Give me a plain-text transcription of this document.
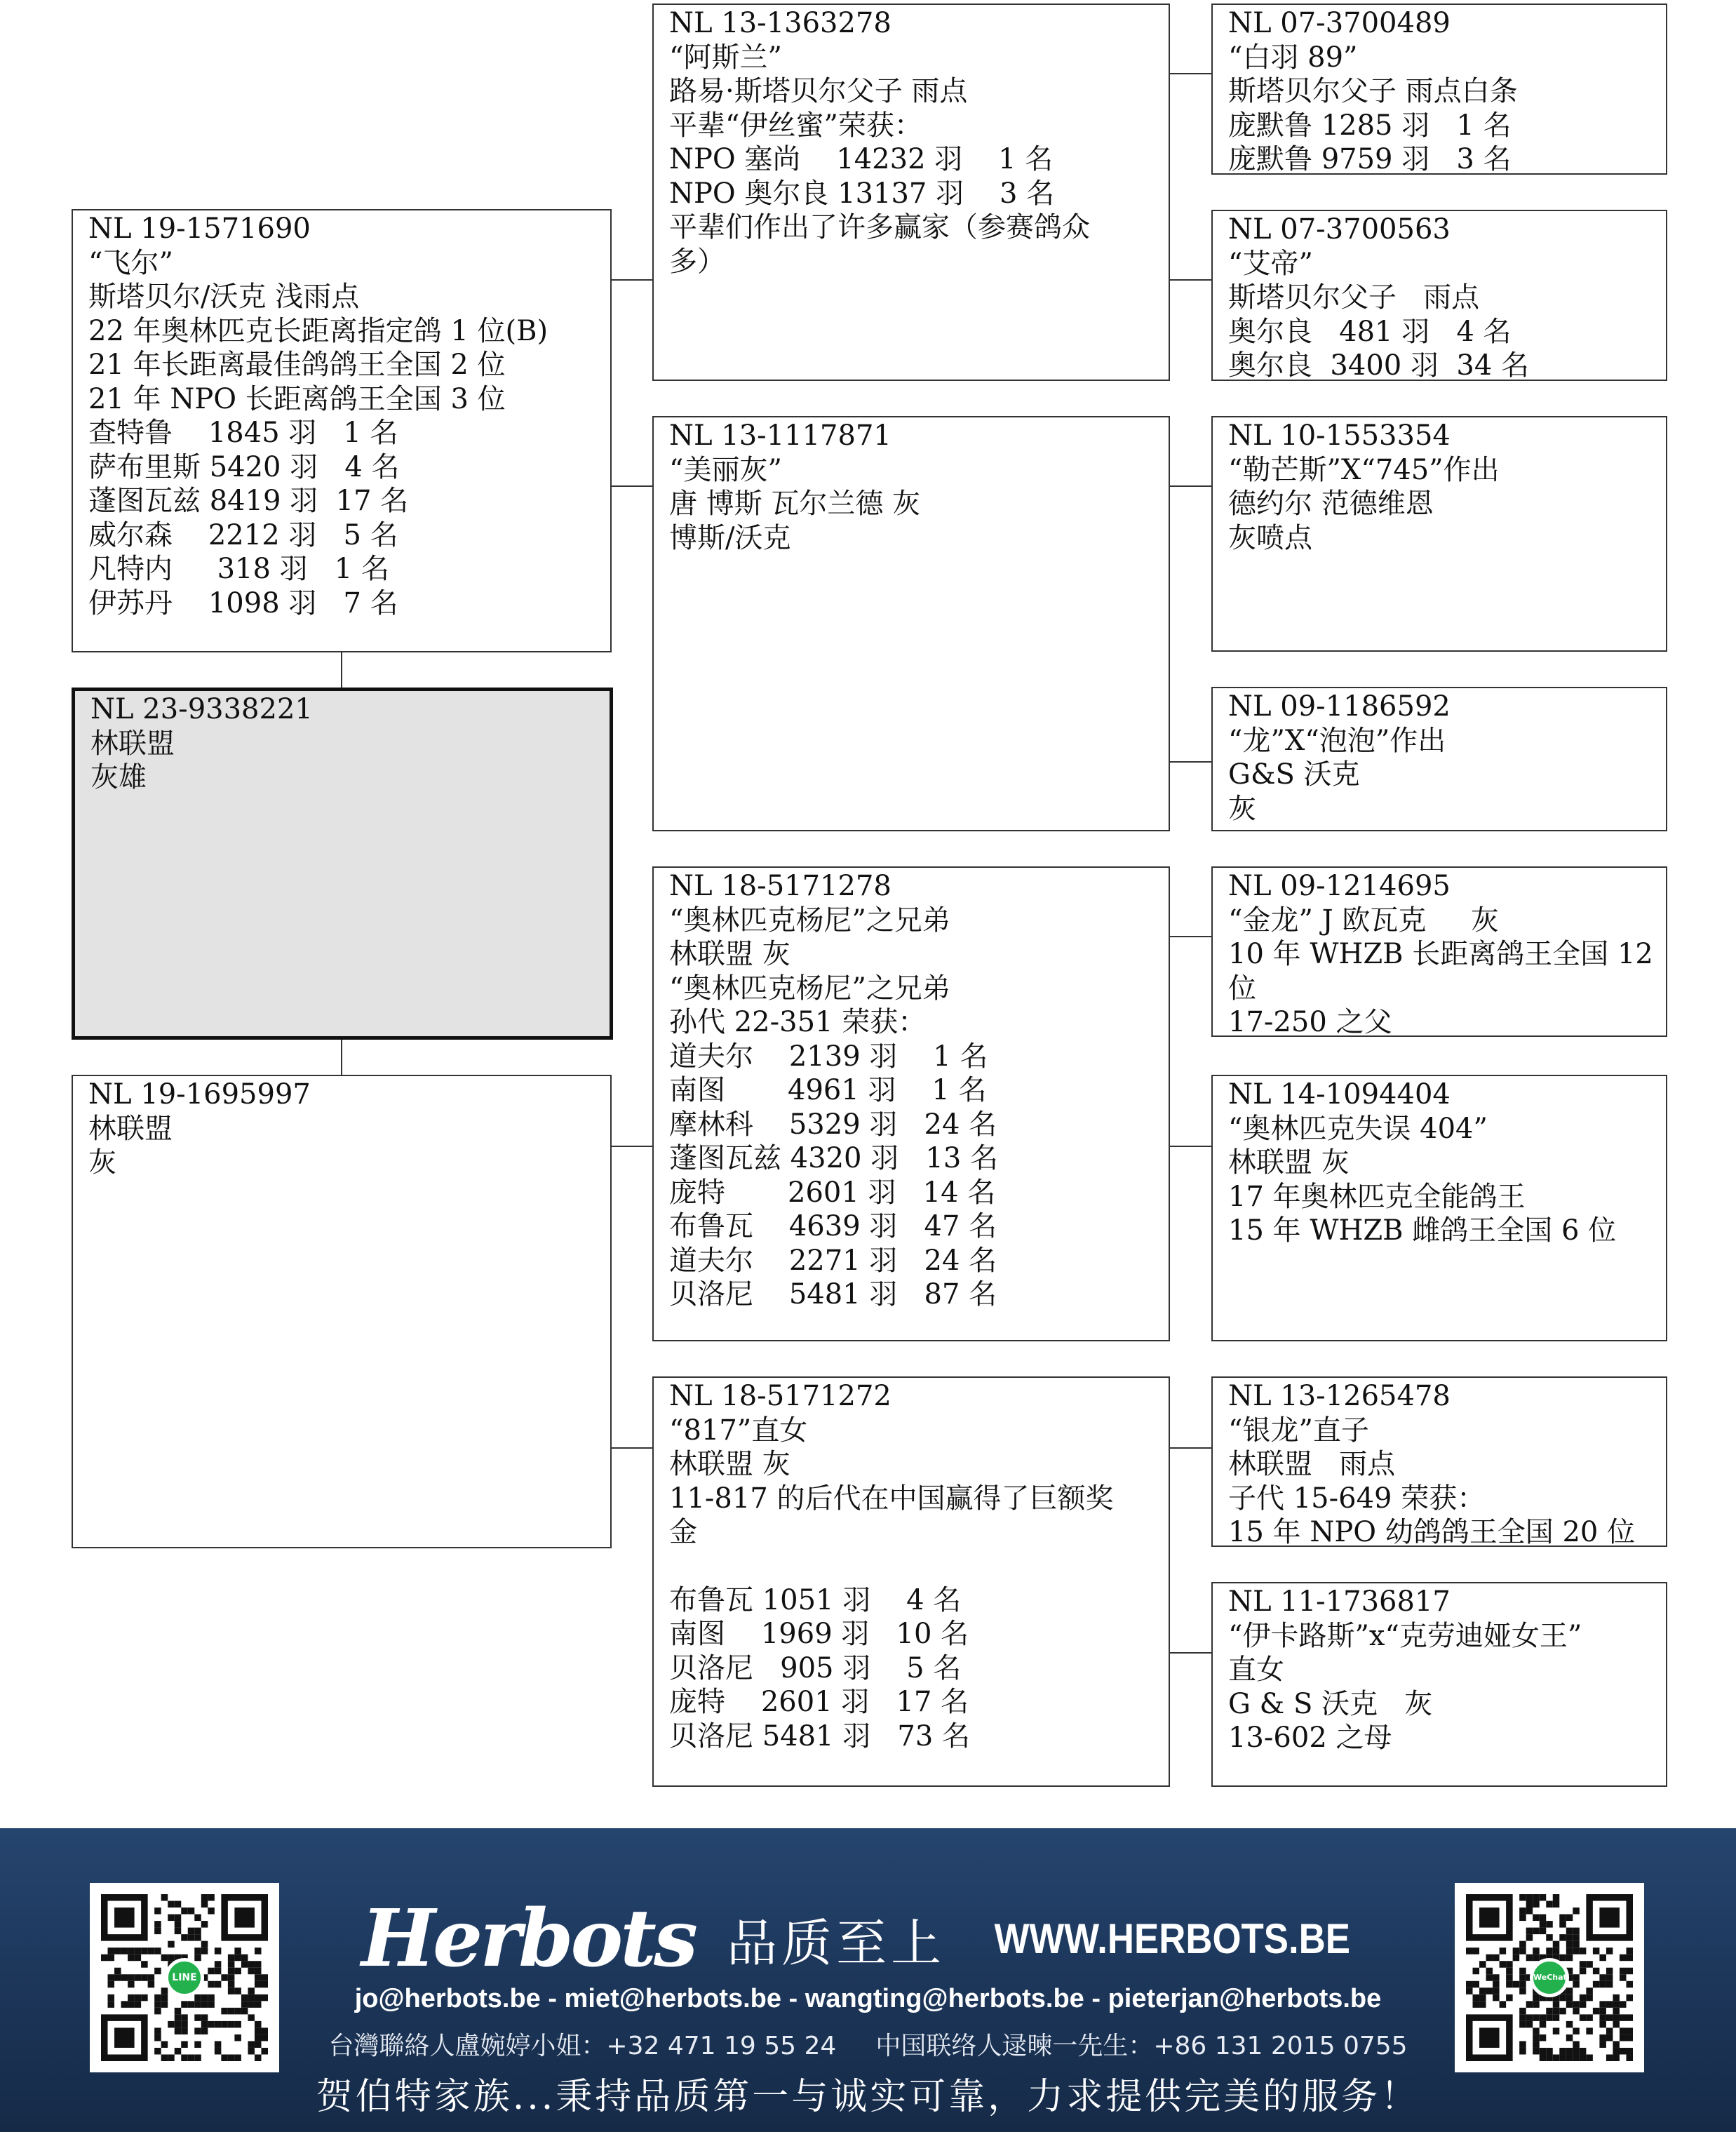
NL 23-9338221
林联盟
灰雄
NL 19-1571690
“飞尔”
斯塔贝尔/沃克 浅雨点
22 年奥林匹克长距离指定鸽 1 位(B)
21 年长距离最佳鸽鸽王全国 2 位
21 年 NPO 长距离鸽王全国 3 位
查特鲁    1845 羽   1 名
萨布里斯 5420 羽   4 名
蓬图瓦兹 8419 羽  17 名
威尔森    2212 羽   5 名
凡特内     318 羽   1 名
伊苏丹    1098 羽   7 名
NL 19-1695997
林联盟
灰
NL 13-1363278
“阿斯兰”
路易·斯塔贝尔父子 雨点
平辈“伊丝蜜”荣获：
NPO 塞尚    14232 羽    1 名
NPO 奥尔良 13137 羽    3 名
平辈们作出了许多赢家（参赛鸽众
多）
NL 13-1117871
“美丽灰”
唐 博斯 瓦尔兰德 灰
博斯/沃克
NL 18-5171278
“奥林匹克杨尼”之兄弟
林联盟 灰
“奥林匹克杨尼”之兄弟
孙代 22-351 荣获：
道夫尔    2139 羽    1 名
南图       4961 羽    1 名
摩林科    5329 羽   24 名
蓬图瓦兹 4320 羽   13 名
庞特       2601 羽   14 名
布鲁瓦    4639 羽   47 名
道夫尔    2271 羽   24 名
贝洛尼    5481 羽   87 名
NL 18-5171272
“817”直女
林联盟 灰
11-817 的后代在中国赢得了巨额奖
金
布鲁瓦 1051 羽    4 名
南图    1969 羽   10 名
贝洛尼   905 羽    5 名
庞特    2601 羽   17 名
贝洛尼 5481 羽   73 名
NL 07-3700489
“白羽 89”
斯塔贝尔父子 雨点白条
庞默鲁 1285 羽   1 名
庞默鲁 9759 羽   3 名
NL 07-3700563
“艾帝”
斯塔贝尔父子   雨点
奥尔良   481 羽   4 名
奥尔良  3400 羽  34 名
NL 10-1553354
“勒芒斯”X“745”作出
德约尔 范德维恩
灰喷点
NL 09-1186592
“龙”X“泡泡”作出
G&S 沃克
灰
NL 09-1214695
“金龙” J 欧瓦克     灰
10 年 WHZB 长距离鸽王全国 12
位
17-250 之父
NL 14-1094404
“奥林匹克失误 404”
林联盟 灰
17 年奥林匹克全能鸽王
15 年 WHZB 雌鸽王全国 6 位
NL 13-1265478
“银龙”直子
林联盟   雨点
子代 15-649 荣获：
15 年 NPO 幼鸽鸽王全国 20 位
NL 11-1736817
“伊卡路斯”x“克劳迪娅女王”
直女
G & S 沃克   灰
13-602 之母
LINE	WeChat
Herbots 品质至上 WWW.HERBOTS.BE
jo@herbots.be - miet@herbots.be - wangting@herbots.be - pieterjan@herbots.be
台灣聯絡人盧婉婷小姐：+32 471 19 55 24 中国联络人逯暕一先生：+86 131 2015 0755
贺伯特家族...秉持品质第一与诚实可靠，力求提供完美的服务！
